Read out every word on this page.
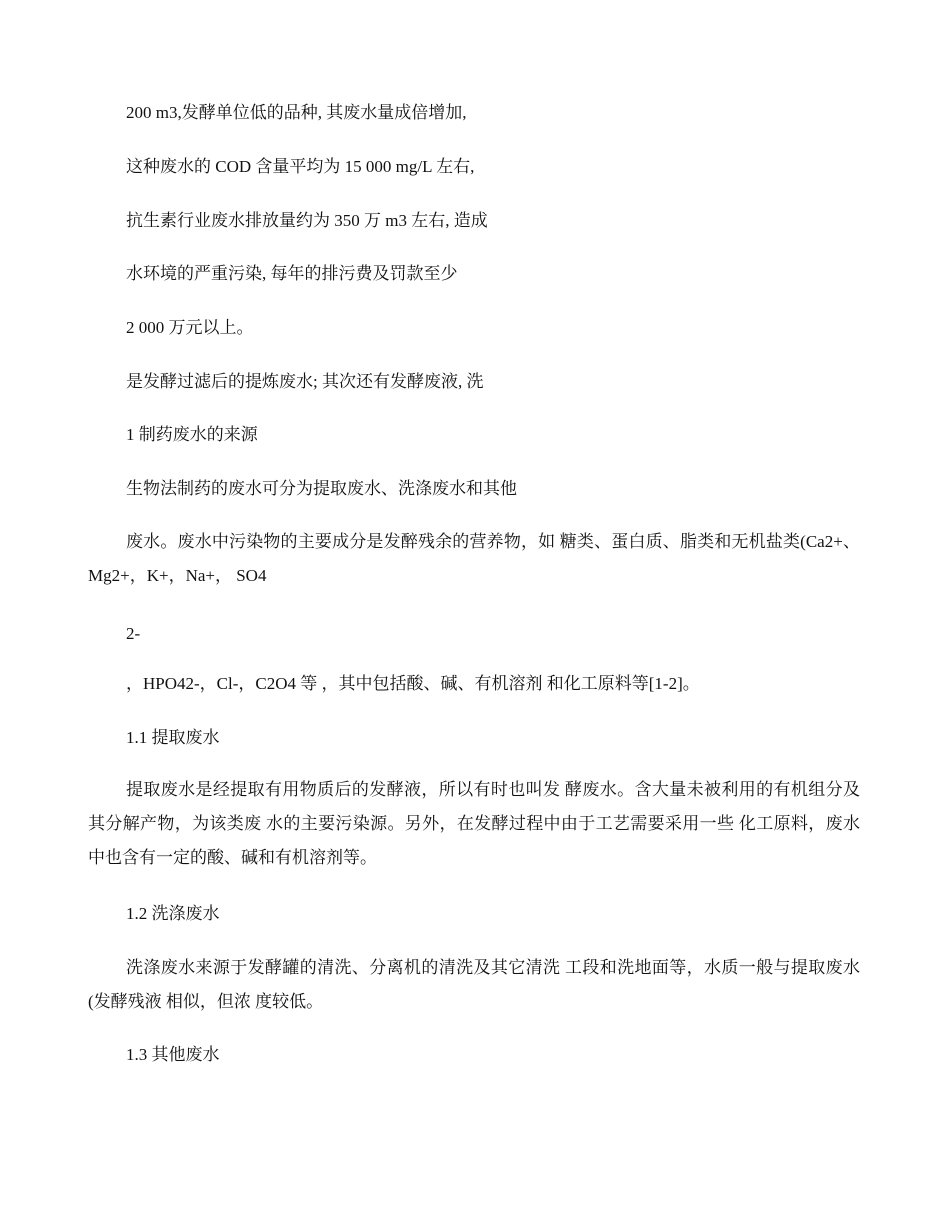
200 m3,发酵单位低的品种, 其废水量成倍增加,
这种废水的 COD 含量平均为 15 000 mg/L 左右,
抗生素行业废水排放量约为 350 万 m3 左右, 造成
水环境的严重污染, 每年的排污费及罚款至少
2 000 万元以上。
是发酵过滤后的提炼废水; 其次还有发酵废液, 洗
1 制药废水的来源
生物法制药的废水可分为提取废水、洗涤废水和其他
废水。废水中污染物的主要成分是发醉残余的营养物，如 糖类、蛋白质、脂类和无机盐类(Ca2+、Mg2+，K+，Na+， SO4
2-
，HPO42-，Cl-，C2O4 等 ，其中包括酸、碱、有机溶剂 和化工原料等[1-2]。
1.1 提取废水
提取废水是经提取有用物质后的发酵液，所以有时也叫发 酵废水。含大量未被利用的有机组分及其分解产物，为该类废 水的主要污染源。另外，在发酵过程中由于工艺需要采用一些 化工原料，废水中也含有一定的酸、碱和有机溶剂等。
1.2 洗涤废水
洗涤废水来源于发酵罐的清洗、分离机的清洗及其它清洗 工段和洗地面等，水质一般与提取废水(发酵残液 相似，但浓 度较低。
1.3 其他废水
